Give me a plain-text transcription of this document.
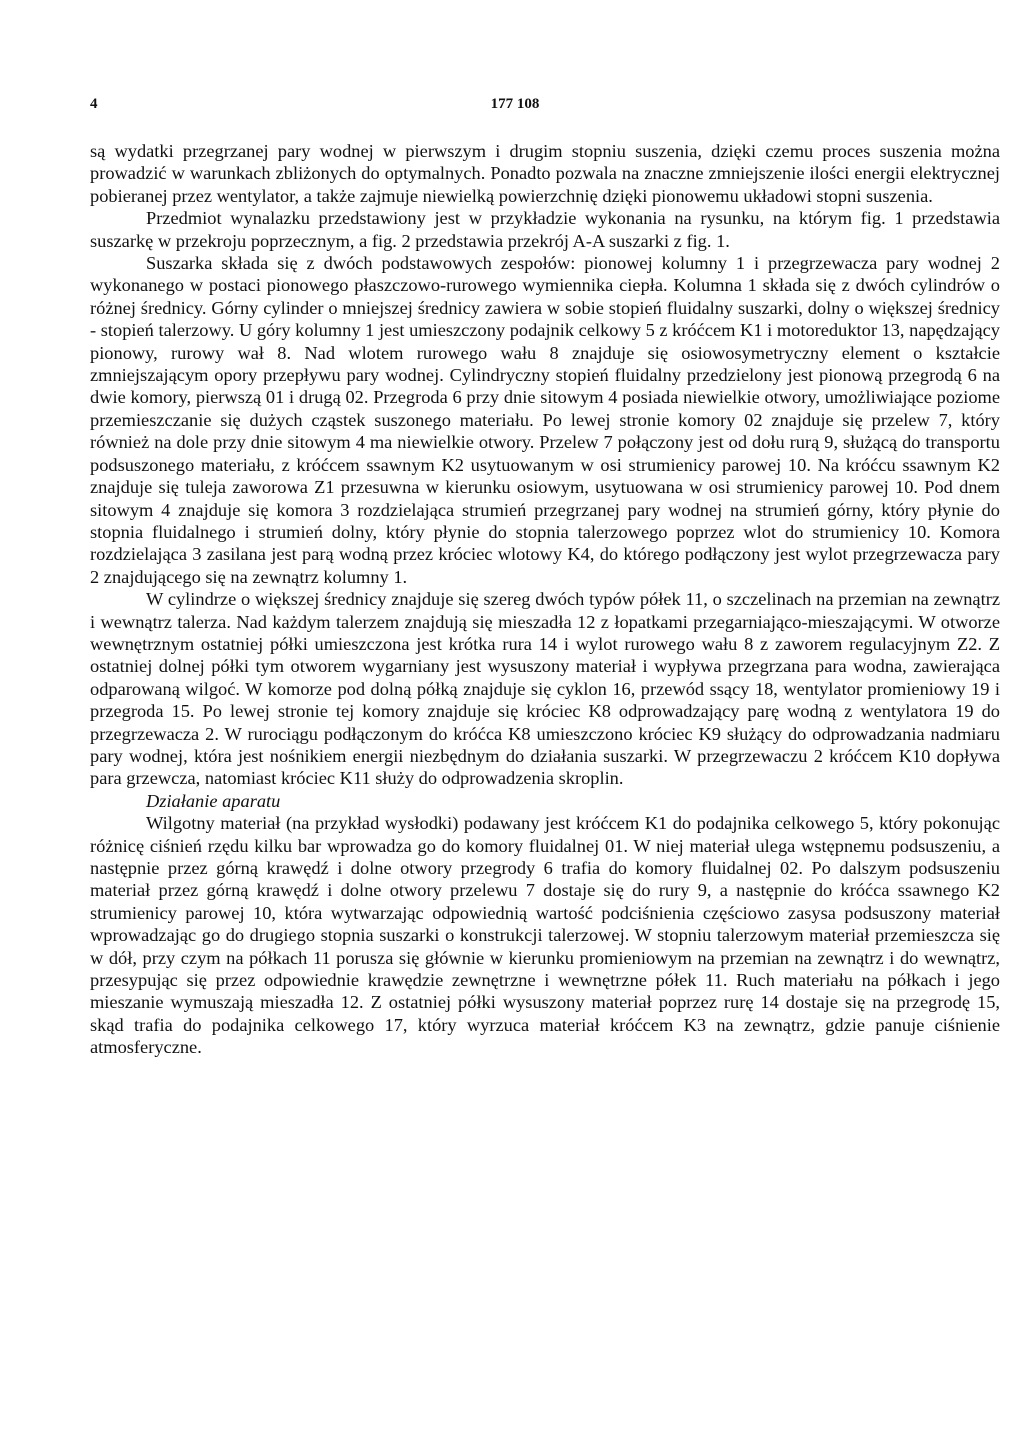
4	177 108

są wydatki przegrzanej pary wodnej w pierwszym i drugim stopniu suszenia, dzięki czemu proces suszenia można prowadzić w warunkach zbliżonych do optymalnych. Ponadto pozwala na znaczne zmniejszenie ilości energii elektrycznej pobieranej przez wentylator, a także zajmuje niewielką powierzchnię dzięki pionowemu układowi stopni suszenia.

Przedmiot wynalazku przedstawiony jest w przykładzie wykonania na rysunku, na którym fig. 1 przedstawia suszarkę w przekroju poprzecznym, a fig. 2 przedstawia przekrój A-A suszarki z fig. 1.

Suszarka składa się z dwóch podstawowych zespołów: pionowej kolumny 1 i przegrzewacza pary wodnej 2 wykonanego w postaci pionowego płaszczowo-rurowego wymiennika ciepła. Kolumna 1 składa się z dwóch cylindrów o różnej średnicy. Górny cylinder o mniejszej średnicy zawiera w sobie stopień fluidalny suszarki, dolny o większej średnicy - stopień talerzowy. U góry kolumny 1 jest umieszczony podajnik celkowy 5 z króćcem K1 i motoreduktor 13, napędzający pionowy, rurowy wał 8. Nad wlotem rurowego wału 8 znajduje się osiowosymetryczny element o kształcie zmniejszającym opory przepływu pary wodnej. Cylindryczny stopień fluidalny przedzielony jest pionową przegrodą 6 na dwie komory, pierwszą 01 i drugą 02. Przegroda 6 przy dnie sitowym 4 posiada niewielkie otwory, umożliwiające poziome przemieszczanie się dużych cząstek suszonego materiału. Po lewej stronie komory 02 znajduje się przelew 7, który również na dole przy dnie sitowym 4 ma niewielkie otwory. Przelew 7 połączony jest od dołu rurą 9, służącą do transportu podsuszonego materiału, z króćcem ssawnym K2 usytuowanym w osi strumienicy parowej 10. Na króćcu ssawnym K2 znajduje się tuleja zaworowa Z1 przesuwna w kierunku osiowym, usytuowana w osi strumienicy parowej 10. Pod dnem sitowym 4 znajduje się komora 3 rozdzielająca strumień przegrzanej pary wodnej na strumień górny, który płynie do stopnia fluidalnego i strumień dolny, który płynie do stopnia talerzowego poprzez wlot do strumienicy 10. Komora rozdzielająca 3 zasilana jest parą wodną przez króciec wlotowy K4, do którego podłączony jest wylot przegrzewacza pary 2 znajdującego się na zewnątrz kolumny 1.

W cylindrze o większej średnicy znajduje się szereg dwóch typów półek 11, o szczelinach na przemian na zewnątrz i wewnątrz talerza. Nad każdym talerzem znajdują się mieszadła 12 z łopatkami przegarniająco-mieszającymi. W otworze wewnętrznym ostatniej półki umieszczona jest krótka rura 14 i wylot rurowego wału 8 z zaworem regulacyjnym Z2. Z ostatniej dolnej półki tym otworem wygarniany jest wysuszony materiał i wypływa przegrzana para wodna, zawierająca odparowaną wilgoć. W komorze pod dolną półką znajduje się cyklon 16, przewód ssący 18, wentylator promieniowy 19 i przegroda 15. Po lewej stronie tej komory znajduje się króciec K8 odprowadzający parę wodną z wentylatora 19 do przegrzewacza 2. W rurociągu podłączonym do króćca K8 umieszczono króciec K9 służący do odprowadzania nadmiaru pary wodnej, która jest nośnikiem energii niezbędnym do działania suszarki. W przegrzewaczu 2 króćcem K10 dopływa para grzewcza, natomiast króciec K11 służy do odprowadzenia skroplin.

Działanie aparatu

Wilgotny materiał (na przykład wysłodki) podawany jest króćcem K1 do podajnika celkowego 5, który pokonując różnicę ciśnień rzędu kilku bar wprowadza go do komory fluidalnej 01. W niej materiał ulega wstępnemu podsuszeniu, a następnie przez górną krawędź i dolne otwory przegrody 6 trafia do komory fluidalnej 02. Po dalszym podsuszeniu materiał przez górną krawędź i dolne otwory przelewu 7 dostaje się do rury 9, a następnie do króćca ssawnego K2 strumienicy parowej 10, która wytwarzając odpowiednią wartość podciśnienia częściowo zasysa podsuszony materiał wprowadzając go do drugiego stopnia suszarki o konstrukcji talerzowej. W stopniu talerzowym materiał przemieszcza się w dół, przy czym na półkach 11 porusza się głównie w kierunku promieniowym na przemian na zewnątrz i do wewnątrz, przesypując się przez odpowiednie krawędzie zewnętrzne i wewnętrzne półek 11. Ruch materiału na półkach i jego mieszanie wymuszają mieszadła 12. Z ostatniej półki wysuszony materiał poprzez rurę 14 dostaje się na przegrodę 15, skąd trafia do podajnika celkowego 17, który wyrzuca materiał króćcem K3 na zewnątrz, gdzie panuje ciśnienie atmosferyczne.
